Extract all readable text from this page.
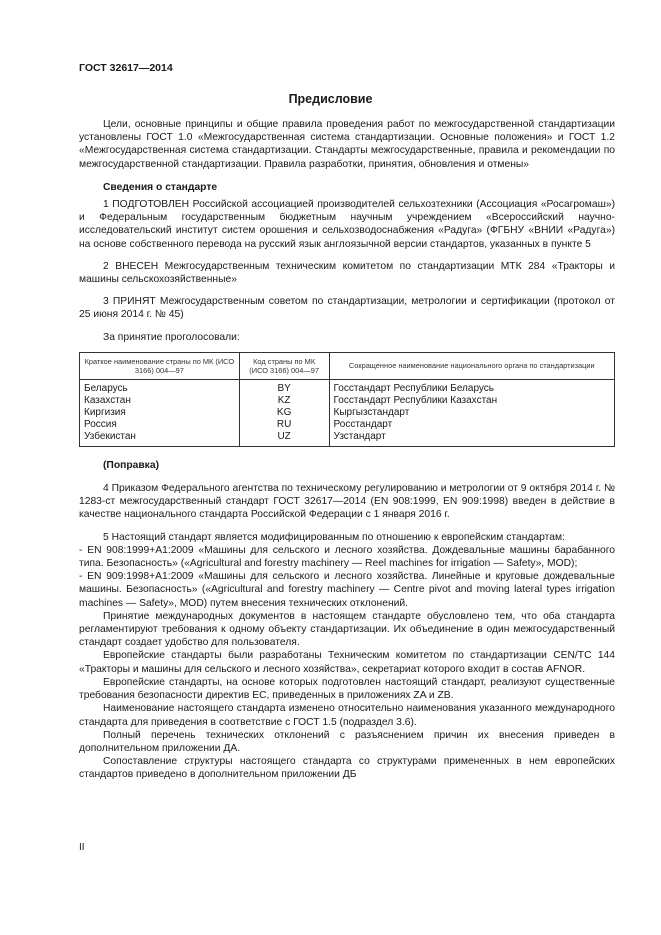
ГОСТ 32617—2014
Предисловие

Цели, основные принципы и общие правила проведения работ по межгосударственной стандартизации установлены ГОСТ 1.0 «Межгосударственная система стандартизации. Основные положения» и ГОСТ 1.2 «Межгосударственная система стандартизации. Стандарты межгосударственные, правила и рекомендации по межгосударственной стандартизации. Правила разработки, принятия, обновления и отмены»

Сведения о стандарте

1 ПОДГОТОВЛЕН Российской ассоциацией производителей сельхозтехники (Ассоциация «Росагромаш») и Федеральным государственным бюджетным научным учреждением «Всероссийский научно-исследовательский институт систем орошения и сельхозводоснабжения «Радуга» (ФГБНУ «ВНИИ «Радуга») на основе собственного перевода на русский язык англоязычной версии стандартов, указанных в пункте 5

2 ВНЕСЕН Межгосударственным техническим комитетом по стандартизации МТК 284 «Тракторы и машины сельскохозяйственные»

3 ПРИНЯТ Межгосударственным советом по стандартизации, метрологии и сертификации (протокол от 25 июня 2014 г. № 45)

За принятие проголосовали:

Краткое наименование страны по МК (ИСО 3166) 004—97	Код страны по МК (ИСО 3166) 004—97	Сокращенное наименование национального органа по стандартизации
Беларусь	BY	Госстандарт Республики Беларусь
Казахстан	KZ	Госстандарт Республики Казахстан
Киргизия	KG	Кыргызстандарт
Россия	RU	Росстандарт
Узбекистан	UZ	Узстандарт
(Поправка)

4 Приказом Федерального агентства по техническому регулированию и метрологии от 9 октября 2014 г. № 1283-ст межгосударственный стандарт ГОСТ 32617—2014 (EN 908:1999, EN 909:1998) введен в действие в качестве национального стандарта Российской Федерации с 1 января 2016 г.

5 Настоящий стандарт является модифицированным по отношению к европейским стандартам:

- EN 908:1999+A1:2009 «Машины для сельского и лесного хозяйства. Дождевальные машины барабанного типа. Безопасность» («Agricultural and forestry machinery — Reel machines for irrigation — Safety», MOD);

- EN 909:1998+A1:2009 «Машины для сельского и лесного хозяйства. Линейные и круговые дождевальные машины. Безопасность» («Agricultural and forestry machinery — Centre pivot and moving lateral types irrigation machines — Safety», MOD) путем внесения технических отклонений.

Принятие международных документов в настоящем стандарте обусловлено тем, что оба стандарта регламентируют требования к одному объекту стандартизации. Их объединение в один межгосударственный стандарт создает удобство для пользователя.

Европейские стандарты были разработаны Техническим комитетом по стандартизации CEN/TC 144 «Тракторы и машины для сельского и лесного хозяйства», секретариат которого входит в состав AFNOR.

Европейские стандарты, на основе которых подготовлен настоящий стандарт, реализуют существенные требования безопасности директив ЕС, приведенных в приложениях ZA и ZB.

Наименование настоящего стандарта изменено относительно наименования указанного международного стандарта для приведения в соответствие с ГОСТ 1.5 (подраздел 3.6).

Полный перечень технических отклонений с разъяснением причин их внесения приведен в дополнительном приложении ДА.

Сопоставление структуры настоящего стандарта со структурами примененных в нем европейских стандартов приведено в дополнительном приложении ДБ

II
